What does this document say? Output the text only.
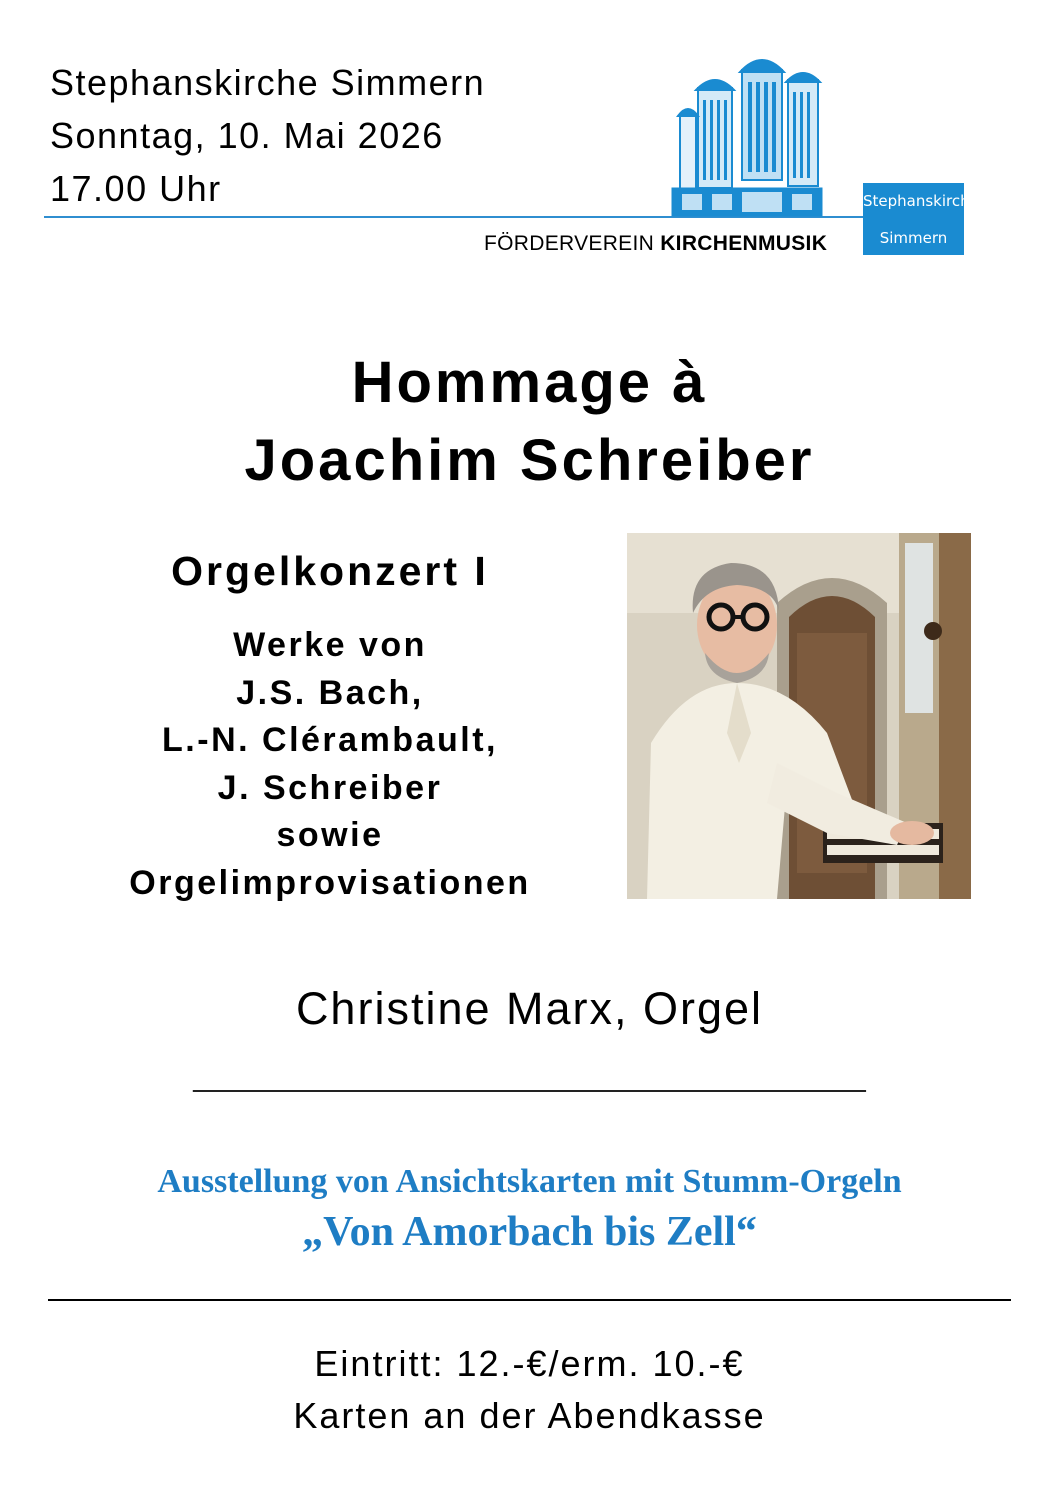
Stephanskirche Simmern
Sonntag, 10. Mai 2026
17.00 Uhr	Stephanskirche
Simmern
FÖRDERVEREIN KIRCHENMUSIK
Hommage à
Joachim Schreiber
Orgelkonzert I
Werke von
J.S. Bach,
L.-N. Clérambault,
J. Schreiber
sowie
Orgelimprovisationen
Christine Marx, Orgel
_______________________________________
Ausstellung von Ansichtskarten mit Stumm-Orgeln
„Von Amorbach bis Zell“
Eintritt: 12.-€/erm. 10.-€
Karten an der Abendkasse
